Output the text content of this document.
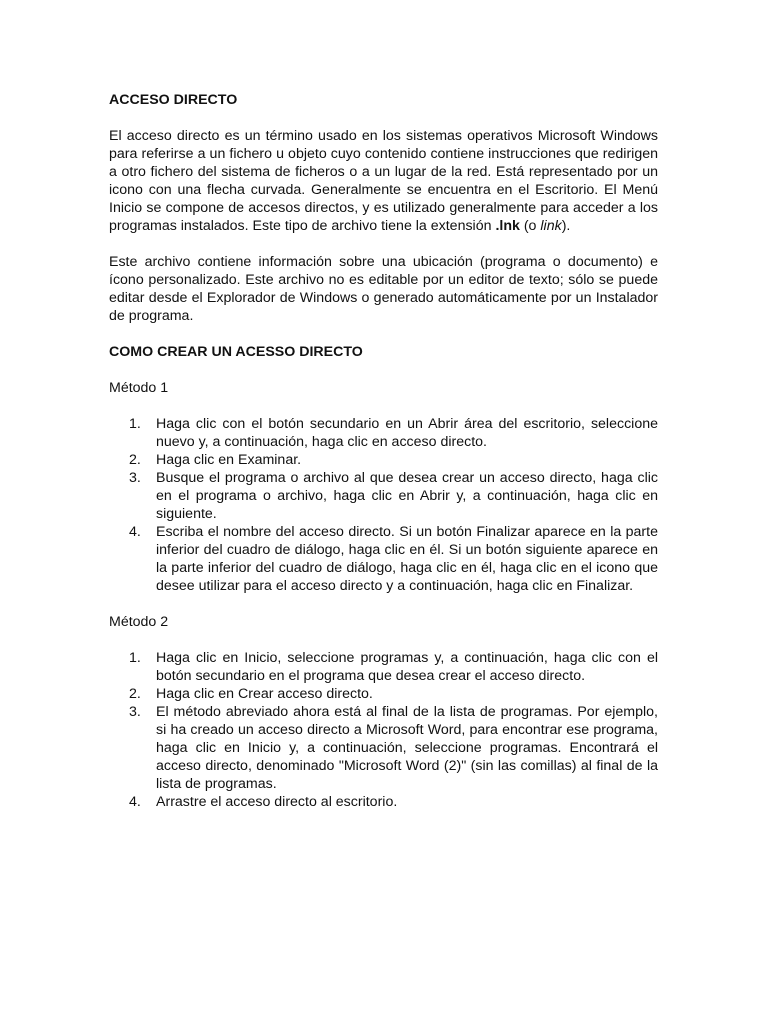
ACCESO DIRECTO

El acceso directo es un término usado en los sistemas operativos Microsoft Windows para referirse a un fichero u objeto cuyo contenido contiene instrucciones que redirigen a otro fichero del sistema de ficheros o a un lugar de la red. Está representado por un icono con una flecha curvada. Generalmente se encuentra en el Escritorio. El Menú Inicio se compone de accesos directos, y es utilizado generalmente para acceder a los programas instalados. Este tipo de archivo tiene la extensión .lnk (o link).

Este archivo contiene información sobre una ubicación (programa o documento) e ícono personalizado. Este archivo no es editable por un editor de texto; sólo se puede editar desde el Explorador de Windows o generado automáticamente por un Instalador de programa.

COMO CREAR UN ACESSO DIRECTO

Método 1

1. Haga clic con el botón secundario en un Abrir área del escritorio, seleccione nuevo y, a continuación, haga clic en acceso directo.
2. Haga clic en Examinar.
3. Busque el programa o archivo al que desea crear un acceso directo, haga clic en el programa o archivo, haga clic en Abrir y, a continuación, haga clic en siguiente.
4. Escriba el nombre del acceso directo. Si un botón Finalizar aparece en la parte inferior del cuadro de diálogo, haga clic en él. Si un botón siguiente aparece en la parte inferior del cuadro de diálogo, haga clic en él, haga clic en el icono que desee utilizar para el acceso directo y a continuación, haga clic en Finalizar.

Método 2

1. Haga clic en Inicio, seleccione programas y, a continuación, haga clic con el botón secundario en el programa que desea crear el acceso directo.
2. Haga clic en Crear acceso directo.
3. El método abreviado ahora está al final de la lista de programas. Por ejemplo, si ha creado un acceso directo a Microsoft Word, para encontrar ese programa, haga clic en Inicio y, a continuación, seleccione programas. Encontrará el acceso directo, denominado "Microsoft Word (2)" (sin las comillas) al final de la lista de programas.
4. Arrastre el acceso directo al escritorio.
